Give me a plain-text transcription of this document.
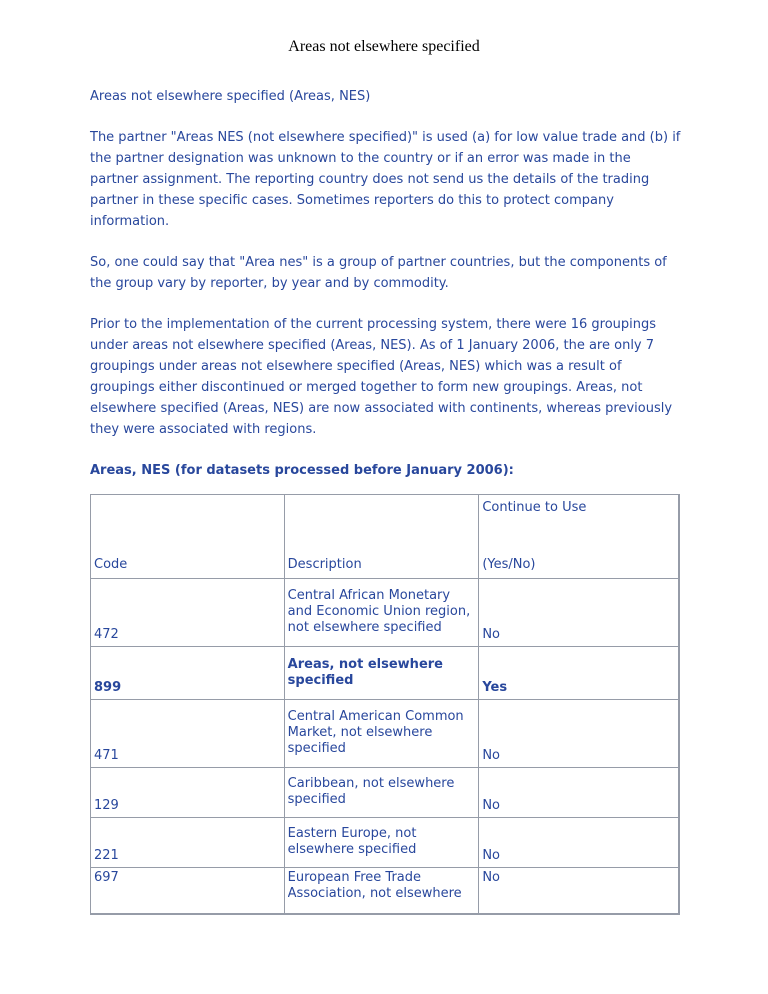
Areas not elsewhere specified

Areas not elsewhere specified (Areas, NES)

The partner "Areas NES (not elsewhere specified)" is used (a) for low value trade and (b) if the partner designation was unknown to the country or if an error was made in the partner assignment. The reporting country does not send us the details of the trading partner in these specific cases. Sometimes reporters do this to protect company information.

So, one could say that "Area nes" is a group of partner countries, but the components of the group vary by reporter, by year and by commodity.

Prior to the implementation of the current processing system, there were 16 groupings under areas not elsewhere specified (Areas, NES). As of 1 January 2006, the are only 7 groupings under areas not elsewhere specified (Areas, NES) which was a result of groupings either discontinued or merged together to form new groupings. Areas, not elsewhere specified (Areas, NES) are now associated with continents, whereas previously they were associated with regions.

Areas, NES (for datasets processed before January 2006):

Code	Description	Continue to Use
(Yes/No)

472	Central African Monetary and Economic Union region, not elsewhere specified	No
899	Areas, not elsewhere specified	Yes
471	Central American Common Market, not elsewhere specified	No
129	Caribbean, not elsewhere specified	No
221	Eastern Europe, not elsewhere specified	No
697	European Free Trade Association, not elsewhere	No
